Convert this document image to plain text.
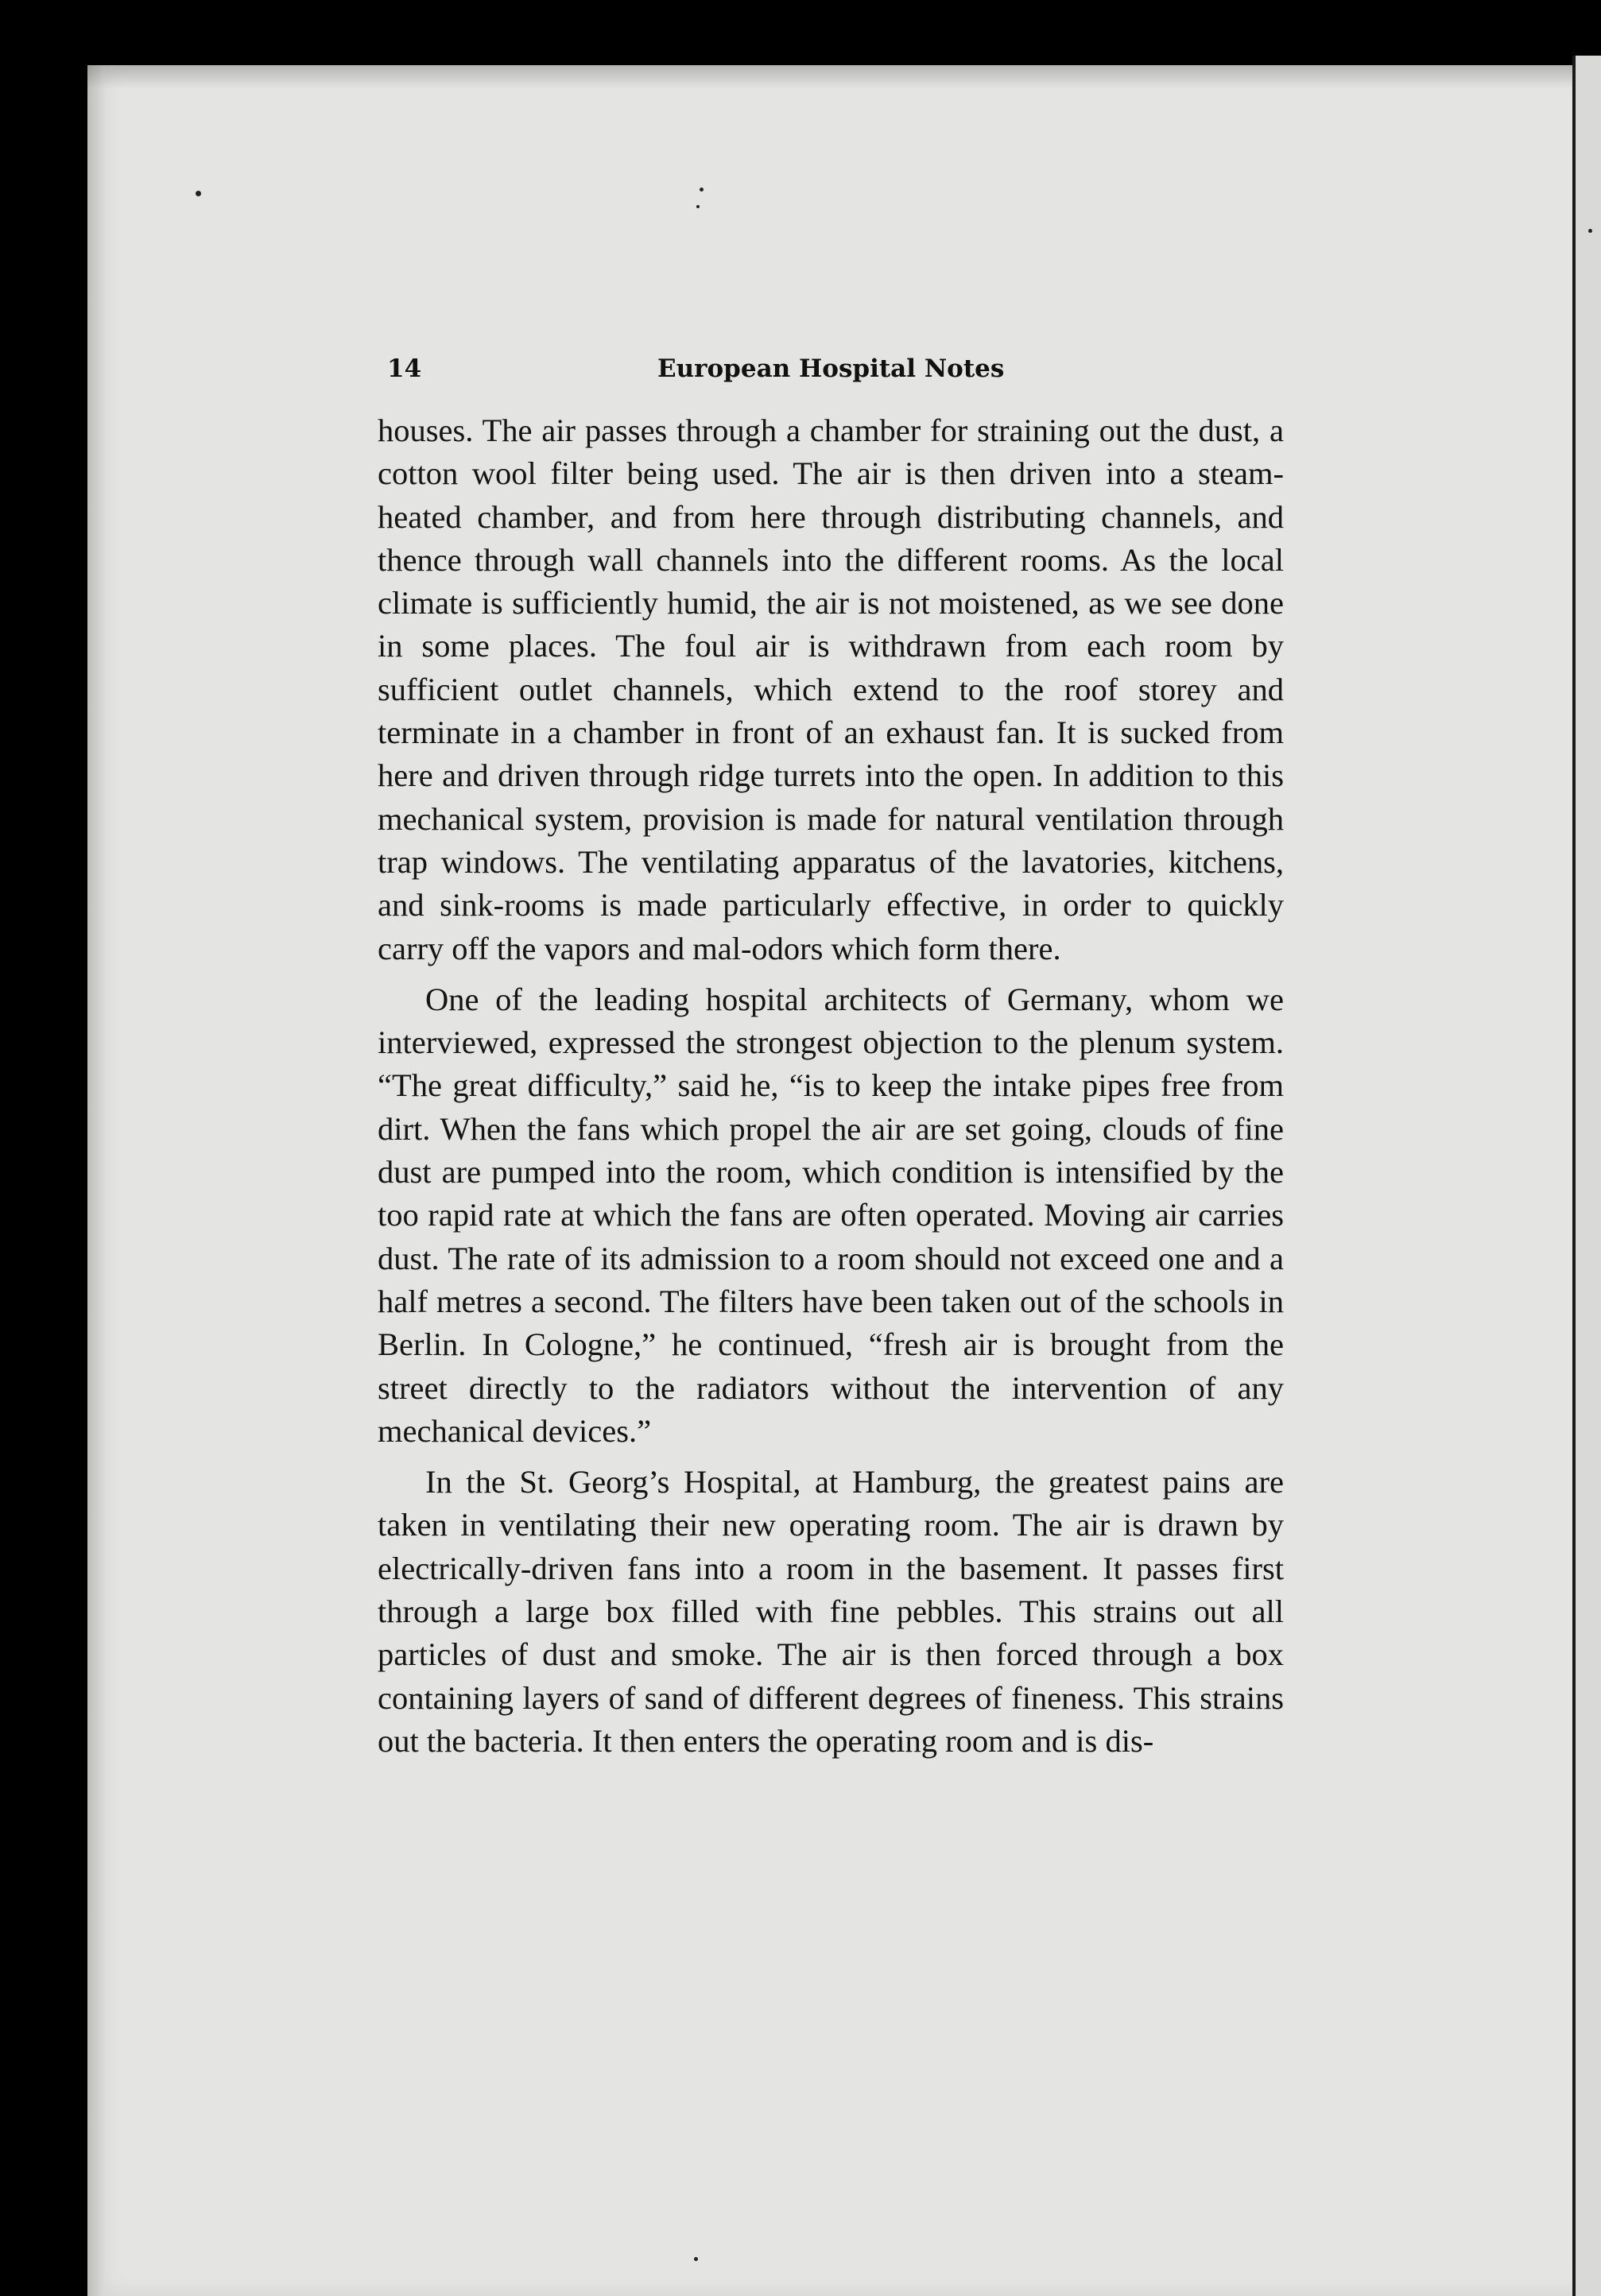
14	European Hospital Notes

houses. The air passes through a chamber for straining out the dust, a cotton wool filter being used. The air is then driven into a steam-heated chamber, and from here through distributing channels, and thence through wall channels into the different rooms. As the local climate is sufficiently humid, the air is not moistened, as we see done in some places. The foul air is withdrawn from each room by sufficient outlet channels, which extend to the roof storey and terminate in a chamber in front of an exhaust fan. It is sucked from here and driven through ridge turrets into the open. In addition to this mechanical system, provision is made for natural ventilation through trap windows. The ventilating apparatus of the lavatories, kitchens, and sink-rooms is made particularly effective, in order to quickly carry off the vapors and mal-odors which form there.

One of the leading hospital architects of Germany, whom we interviewed, expressed the strongest objection to the plenum system. “The great difficulty,” said he, “is to keep the intake pipes free from dirt. When the fans which propel the air are set going, clouds of fine dust are pumped into the room, which condition is intensified by the too rapid rate at which the fans are often operated. Moving air carries dust. The rate of its admission to a room should not exceed one and a half metres a second. The filters have been taken out of the schools in Berlin. In Cologne,” he continued, “fresh air is brought from the street directly to the radiators without the intervention of any mechanical devices.”

In the St. Georg’s Hospital, at Hamburg, the greatest pains are taken in ventilating their new operating room. The air is drawn by electrically-driven fans into a room in the basement. It passes first through a large box filled with fine pebbles. This strains out all particles of dust and smoke. The air is then forced through a box containing layers of sand of different degrees of fineness. This strains out the bacteria. It then enters the operating room and is dis-
